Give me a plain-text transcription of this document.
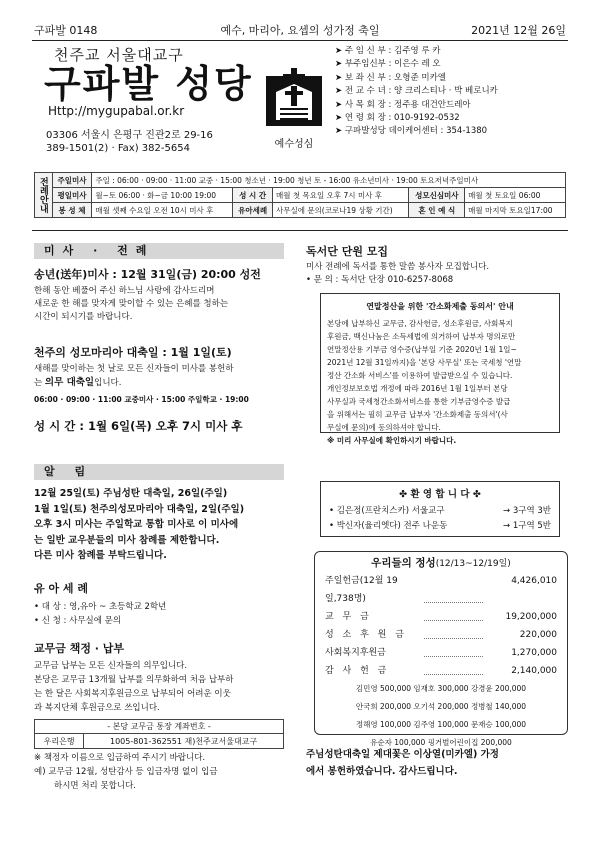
구파발 0148	예수, 마리아, 요셉의 성가정 축일	2021년 12월 26일
천주교 서울대교구
구파발 성당
Http://mygupabal.or.kr
03306 서울시 은평구 진관2로 29-16
389-1501(2) · Fax) 382-5654	예수성심
➤ 주 임 신 부 : 김주영 루 카
➤ 부주임신부 : 이은수 레 오
➤ 보 좌 신 부 : 오형준 미카엘
➤ 전 교 수 녀 : 양 크리스티나 · 박 베로니카
➤ 사 목 회 장 : 정주용 대건안드레아
➤ 연 령 회 장 : 010-9192-0532
➤ 구파발성당 데이케어센터 : 354-1380
전례안내	주일미사	주일 : 06:00 · 09:00 · 11:00 교중 · 15:00 청소년 · 19:00 청년 토 - 16:00 유소년미사 · 19:00 토요저녁주일미사				
	평일미사	월~토 06:00 · 화~금 10:00 19:00	성 시 간	매월 첫 목요일 오후 7시 미사 후	성모신심미사	매월 첫 토요일 06:00
	봉 성 체	매월 셋째 수요일 오전 10시 미사 후	유아세례	사무실에 문의(코로나19 상황 기간)	혼 인 예 식	매월 마지막 토요일17:00
미사 · 전례
송년(送年)미사 : 12월 31일(금) 20:00 성전
한해 동안 베풀어 주신 하느님 사랑에 감사드리며
새로운 한 해를 맞자게 맞이할 수 있는 은혜를 청하는
시간이 되시기를 바랍니다.
천주의 성모마리아 대축일 : 1월 1일(토)
새해를 맞이하는 첫 날로 모든 신자들이 미사를 봉헌하
는 의무 대축일입니다.
06:00 · 09:00 · 11:00 교중미사 · 15:00 주일학교 · 19:00
성 시 간 : 1월 6일(목) 오후 7시 미사 후
알 림
12월 25일(토) 주님성탄 대축일, 26일(주일)
1월 1일(토) 천주의성모마리아 대축일, 2일(주일)
오후 3시 미사는 주일학교 통합 미사로 이 미사에
는 일반 교우분들의 미사 참례를 제한합니다.
다른 미사 참례를 부탁드립니다.
유 아 세 례
• 대 상 : 영,유아 ~ 초등학교 2학년
• 신 청 : 사무실에 문의
교무금 책정 · 납부
교무금 납부는 모든 신자들의 의무입니다.
본당은 교무금 13개월 납부를 의무화하여 처음 납부하
는 한 달은 사회복지후원금으로 납부되어 어려운 이웃
과 복지단체 후원금으로 쓰입니다.
- 본당 교무금 통장 계좌번호 -
우리은행	1005-801-362551 재)천주교서울대교구
※ 책정자 이름으로 입금하여 주시기 바랍니다.
예) 교무금 12월, 성탄감사 등 입금자명 없이 입금
하시면 처리 못합니다.
독서단 단원 모집
미사 전례에 독서를 통한 말씀 봉사자 모집합니다.
• 문 의 : 독서단 단장 010-6257-8068
연말정산을 위한 '간소화제출 동의서' 안내
본당에 납부하신 교무금, 감사헌금, 성소후원금, 사회복지
후원금, 백신나눔은 소득세법에 의거하여 납부자 명의로만
연말정산용 기부금 영수증(납부일 기준 2020년 1월 1일~
2021년 12월 31일까지)을 '본당 사무실' 또는 국세청 '연말
정산 간소화 서비스'를 이용하여 발급받으실 수 있습니다.
개인정보보호법 개정에 따라 2016년 1월 1일부터 본당
사무실과 국세청간소화서비스를 통한 기부금영수증 발급
을 위해서는 필히 교무금 납부자 '간소화제출 동의서'(사
무실에 문의)에 동의하셔야 합니다.
※ 미리 사무실에 확인하시기 바랍니다.
✤ 환 영 합 니 다 ✤
• 김은정(프란치스카) 서울교구	→ 3구역 3반
• 박신자(율리엣다) 전주 나운동	→ 1구역 5반
우리들의 정성(12/13~12/19일)
주일헌금(12월 19일,738명)
4,426,010
교 무 금	19,200,000
성 소 후 원 금	220,000
사회복지후원금	1,270,000
감 사 헌 금	2,140,000
김민영 500,000 임재호 300,000 강경윤 200,000
안국희 200,000 오기석 200,000 정병철 140,000
정해영 100,000 김주영 100,000 문재승 100,000
유순자 100,000 핑거벌어린이집 200,000
주님성탄대축일 제대꽃은 이상열(미카엘) 가정
에서 봉헌하였습니다. 감사드립니다.
